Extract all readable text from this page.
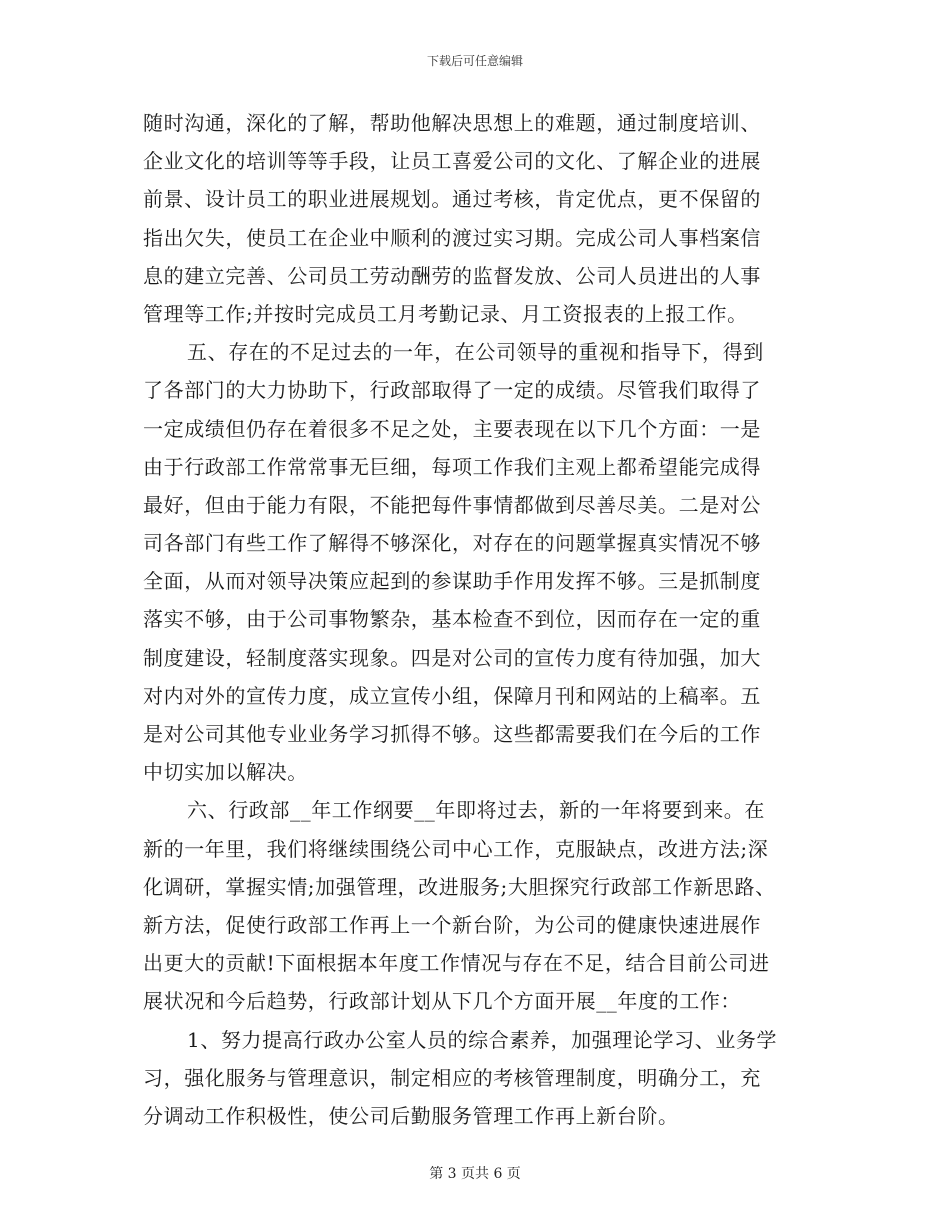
下载后可任意编辑
随时沟通，深化的了解，帮助他解决思想上的难题，通过制度培训、
企业文化的培训等等手段，让员工喜爱公司的文化、了解企业的进展
前景、设计员工的职业进展规划。通过考核，肯定优点，更不保留的
指出欠失，使员工在企业中顺利的渡过实习期。完成公司人事档案信
息的建立完善、公司员工劳动酬劳的监督发放、公司人员进出的人事
管理等工作;并按时完成员工月考勤记录、月工资报表的上报工作。
五、存在的不足过去的一年，在公司领导的重视和指导下，得到
了各部门的大力协助下，行政部取得了一定的成绩。尽管我们取得了
一定成绩但仍存在着很多不足之处，主要表现在以下几个方面：一是
由于行政部工作常常事无巨细，每项工作我们主观上都希望能完成得
最好，但由于能力有限，不能把每件事情都做到尽善尽美。二是对公
司各部门有些工作了解得不够深化，对存在的问题掌握真实情况不够
全面，从而对领导决策应起到的参谋助手作用发挥不够。三是抓制度
落实不够，由于公司事物繁杂，基本检查不到位，因而存在一定的重
制度建设，轻制度落实现象。四是对公司的宣传力度有待加强，加大
对内对外的宣传力度，成立宣传小组，保障月刊和网站的上稿率。五
是对公司其他专业业务学习抓得不够。这些都需要我们在今后的工作
中切实加以解决。
六、行政部__年工作纲要__年即将过去，新的一年将要到来。在
新的一年里，我们将继续围绕公司中心工作，克服缺点，改进方法;深
化调研，掌握实情;加强管理，改进服务;大胆探究行政部工作新思路、
新方法，促使行政部工作再上一个新台阶，为公司的健康快速进展作
出更大的贡献!下面根据本年度工作情况与存在不足，结合目前公司进
展状况和今后趋势，行政部计划从下几个方面开展__年度的工作：
1、努力提高行政办公室人员的综合素养，加强理论学习、业务学
习，强化服务与管理意识，制定相应的考核管理制度，明确分工，充
分调动工作积极性，使公司后勤服务管理工作再上新台阶。
第 3 页共 6 页
